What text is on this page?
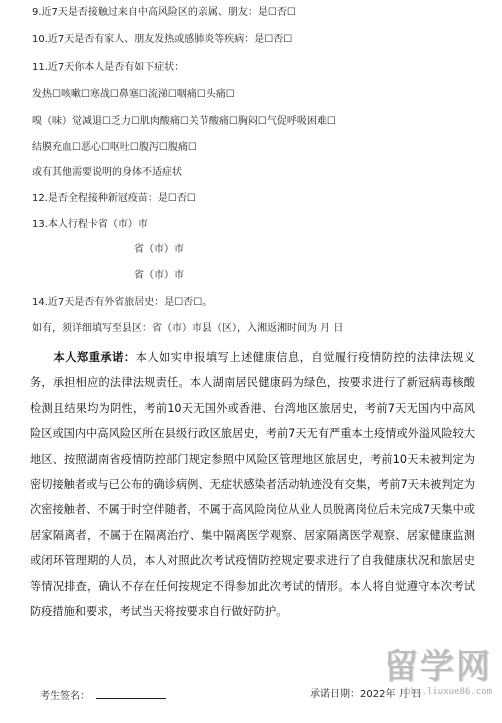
9.近7天是否接触过来自中高风险区的亲属、朋友：是☐否☐
10.近7天是否有家人、朋友发热或感肺炎等疾病：是☐否☐
11.近7天你本人是否有如下症状：
发热☐咳嗽☐寒战☐鼻塞☐流涕☐咽痛☐头痛☐
嗅（味）觉减退☐乏力☐肌肉酸痛☐关节酸痛☐胸闷☐气促呼吸困难☐
结膜充血☐恶心☐呕吐☐腹泻☐腹痛☐
或有其他需要说明的身体不适症状
12.是否全程接种新冠疫苗：是☐否☐
13.本人行程卡省（市）市
省（市）市
省（市）市
14.近7天是否有外省旅居史：是☐否☐。
如有，须详细填写至县区：省（市）市县（区），入湘返湘时间为 月 日
本人郑重承诺：本人如实申报填写上述健康信息，自觉履行疫情防控的法律法规义务，承担相应的法律法规责任。本人湖南居民健康码为绿色，按要求进行了新冠病毒核酸检测且结果均为阴性，考前10天无国外或香港、台湾地区旅居史，考前7天无国内中高风险区或国内中高风险区所在县级行政区旅居史，考前7天无有严重本土疫情或外溢风险较大地区、按照湖南省疫情防控部门规定参照中风险区管理地区旅居史，考前10天未被判定为密切接触者或与已公布的确诊病例、无症状感染者活动轨迹没有交集，考前7天未被判定为次密接触者、不属于时空伴随者，不属于高风险岗位从业人员脱离岗位后未完成7天集中或居家隔离者，不属于在隔离治疗、集中隔离医学观察、居家隔离医学观察、居家健康监测或闭环管理期的人员，本人对照此次考试疫情防控规定要求进行了自我健康状况和旅居史等情况排查，确认不存在任何按规定不得参加此次考试的情形。本人将自觉遵守本次考试防疫措施和要求，考试当天将按要求自行做好防护。
考生签名：	承诺日期：2022年 月 日
留学网
bbs.liuxue86.com
